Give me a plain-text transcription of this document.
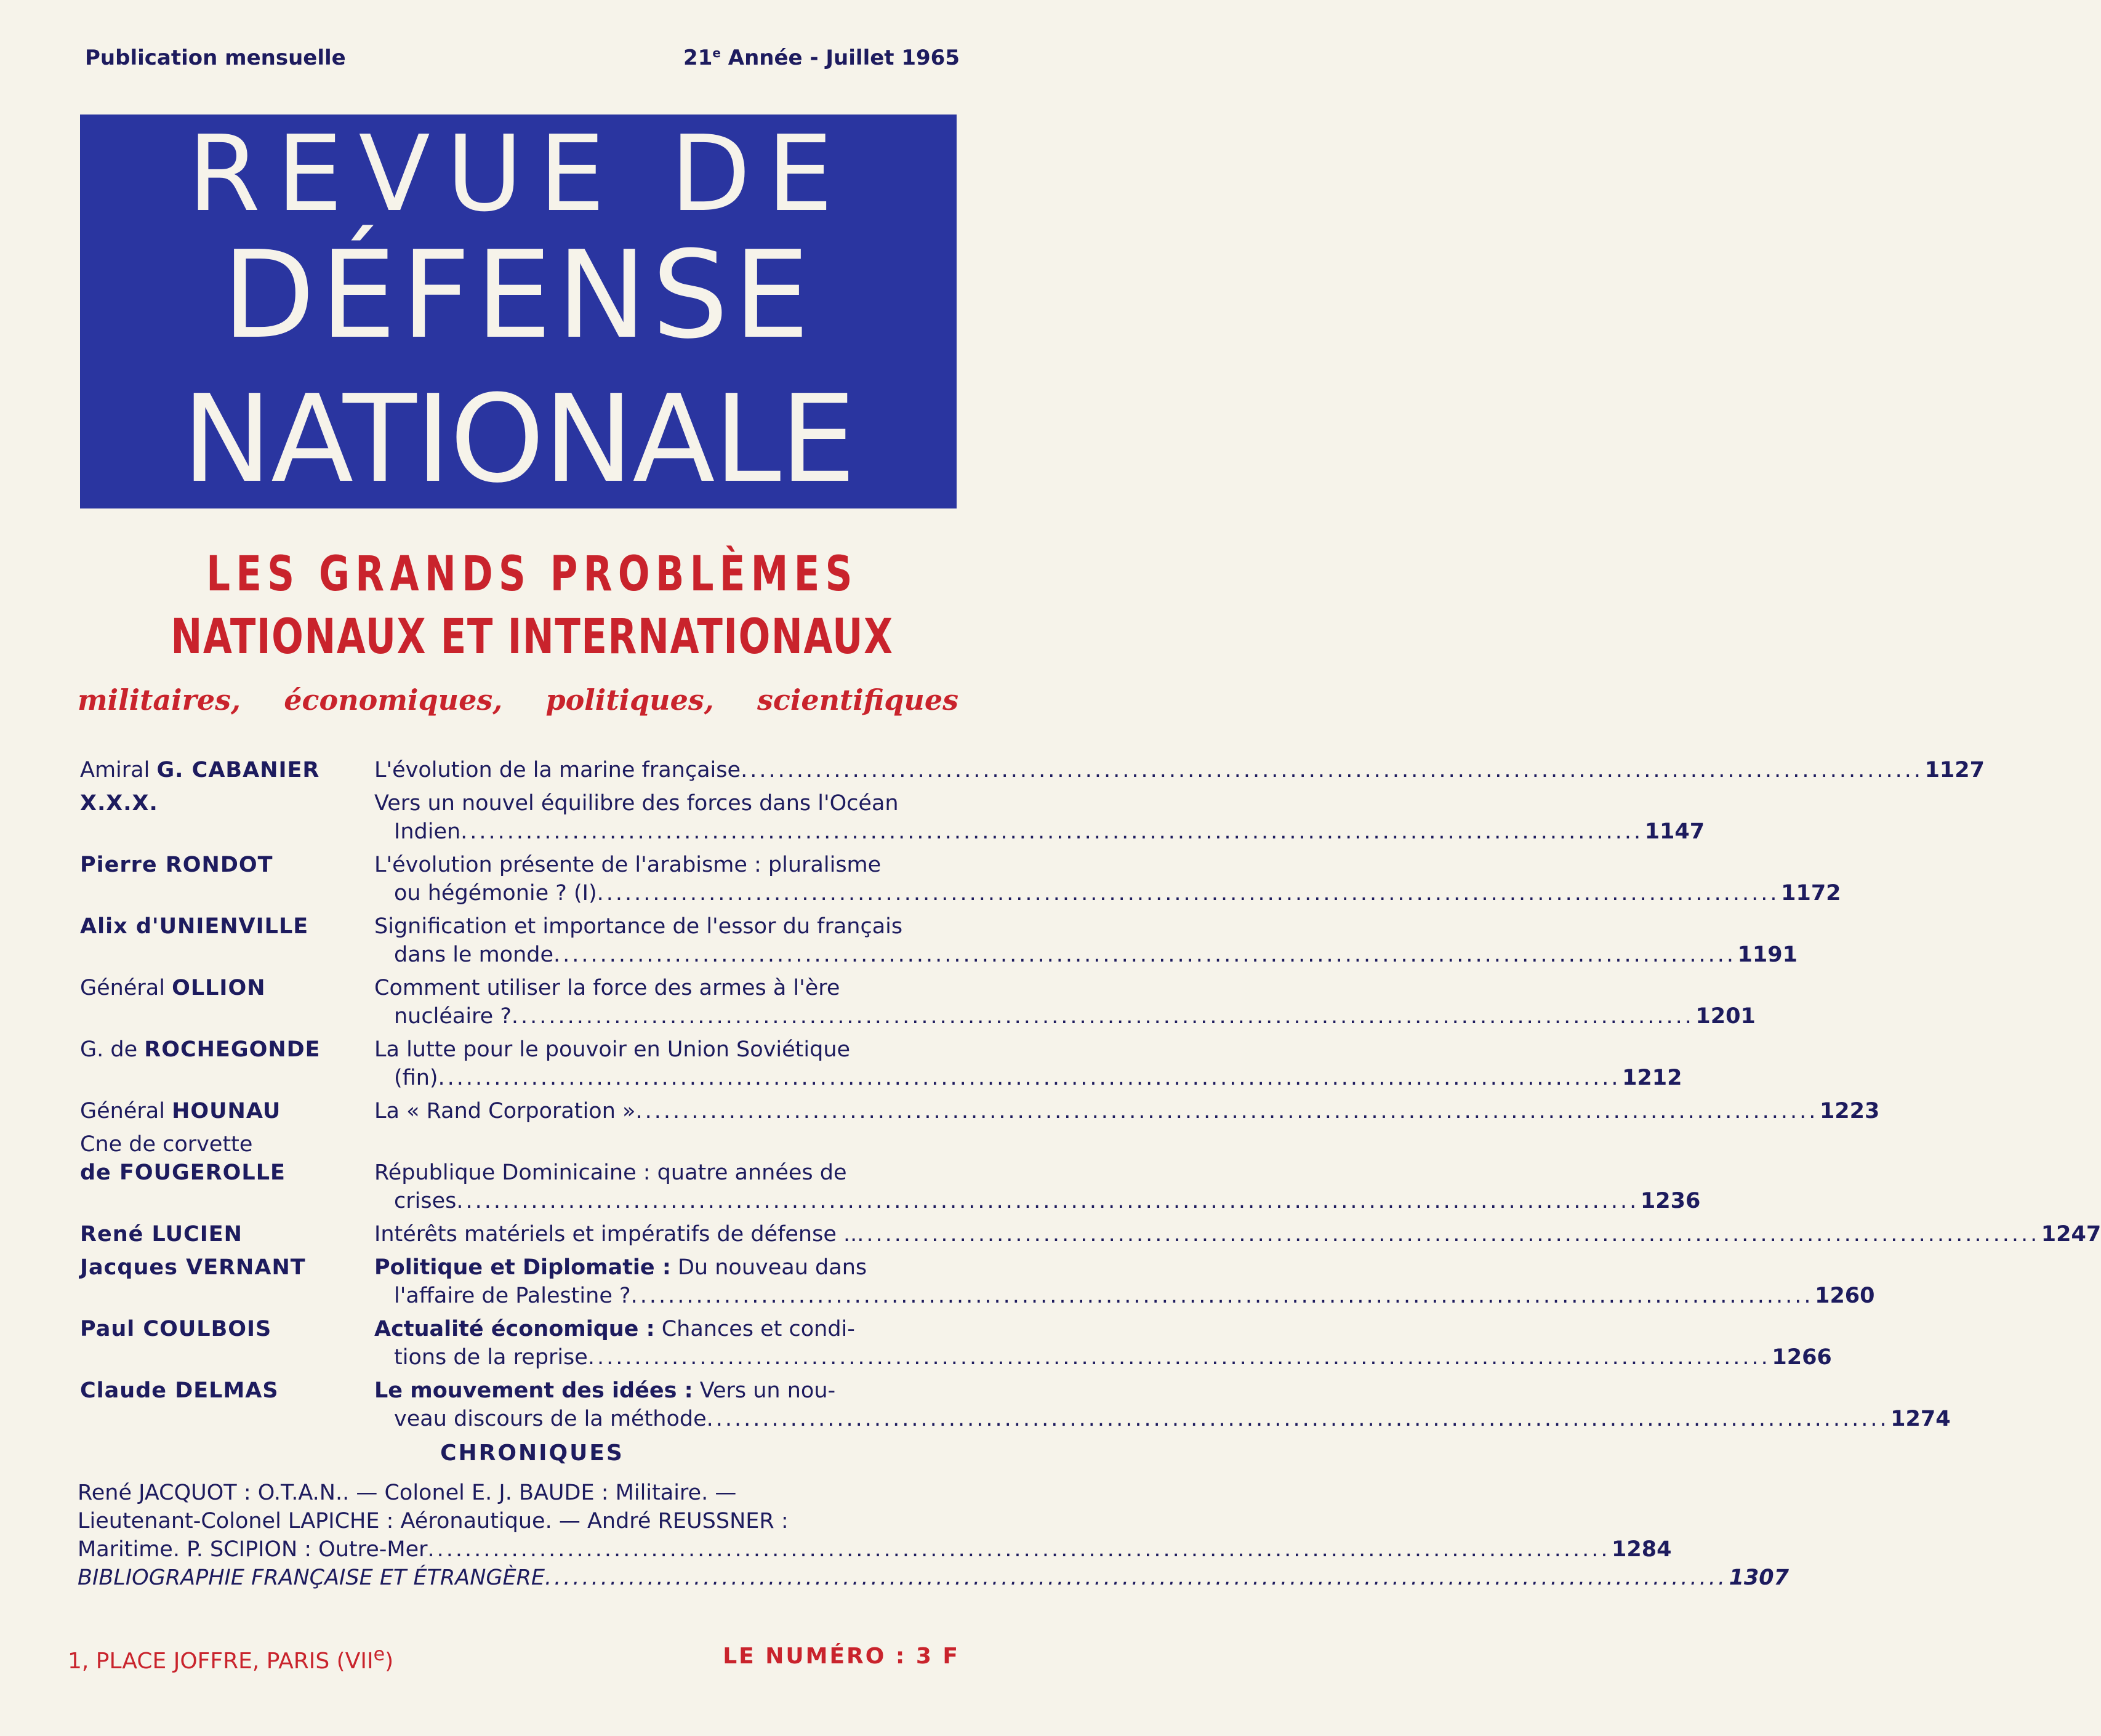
Publication mensuelle	21e Année - Juillet 1965
REVUE DE
DÉFENSE
NATIONALE
LES GRANDS PROBLÈMES
NATIONAUX ET INTERNATIONAUX
militaires, économiques, politiques, scientifiques
Amiral G. CABANIER	L'évolution de la marine française .....	1127
X.X.X.	Vers un nouvel équilibre des forces dans l'Océan
Indien .....	1147
Pierre RONDOT	L'évolution présente de l'arabisme : pluralisme
ou hégémonie ? (I) .....	1172
Alix d'UNIENVILLE	Signification et importance de l'essor du français
dans le monde .....	1191
Général OLLION	Comment utiliser la force des armes à l'ère
nucléaire ? .....	1201
G. de ROCHEGONDE	La lutte pour le pouvoir en Union Soviétique
(fin) .....	1212
Général HOUNAU	La « Rand Corporation » .....	1223
Cne de corvette
de FOUGEROLLE	République Dominicaine : quatre années de
crises .....	1236
René LUCIEN	Intérêts matériels et impératifs de défense .. .....	1247
Jacques VERNANT	Politique et Diplomatie : Du nouveau dans
l'affaire de Palestine ? .....	1260
Paul COULBOIS	Actualité économique : Chances et condi-
tions de la reprise .....	1266
Claude DELMAS	Le mouvement des idées : Vers un nou-
veau discours de la méthode .....	1274
CHRONIQUES
René JACQUOT : O.T.A.N.. — Colonel E. J. BAUDE : Militaire. —
Lieutenant-Colonel LAPICHE : Aéronautique. — André REUSSNER :
Maritime. P. SCIPION : Outre-Mer .....	1284
BIBLIOGRAPHIE FRANÇAISE ET ÉTRANGÈRE .....	1307
1, PLACE JOFFRE, PARIS (VIIe)	LE NUMÉRO : 3 F
